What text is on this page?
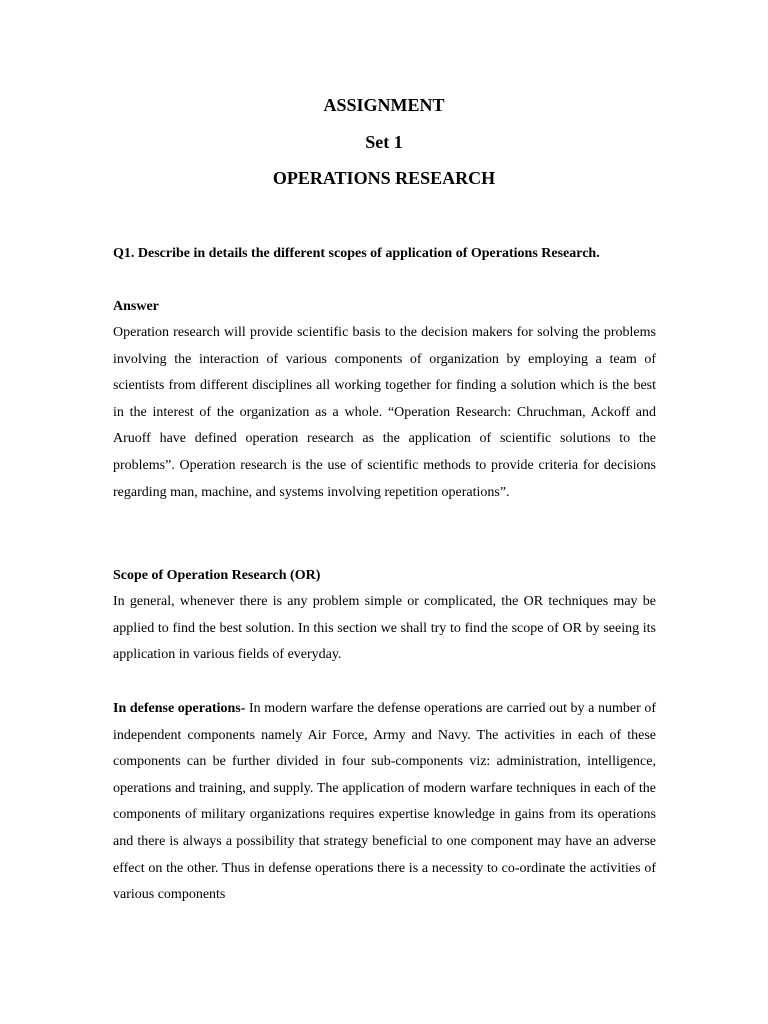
ASSIGNMENT
Set 1
OPERATIONS RESEARCH
Q1. Describe in details the different scopes of application of Operations Research.
Answer
Operation research will provide scientific basis to the decision makers for solving the problems involving the interaction of various components of organization by employing a team of scientists from different disciplines all working together for finding a solution which is the best in the interest of the organization as a whole. “Operation Research: Chruchman, Ackoff and Aruoff have defined operation research as the application of scientific solutions to the problems”. Operation research is the use of scientific methods to provide criteria for decisions regarding man, machine, and systems involving repetition operations”.
Scope of Operation Research (OR)
In general, whenever there is any problem simple or complicated, the OR techniques may be applied to find the best solution. In this section we shall try to find the scope of OR by seeing its application in various fields of everyday.
In defense operations- In modern warfare the defense operations are carried out by a number of independent components namely Air Force, Army and Navy. The activities in each of these components can be further divided in four sub-components viz: administration, intelligence, operations and training, and supply. The application of modern warfare techniques in each of the components of military organizations requires expertise knowledge in gains from its operations and there is always a possibility that strategy beneficial to one component may have an adverse effect on the other. Thus in defense operations there is a necessity to co-ordinate the activities of various components
